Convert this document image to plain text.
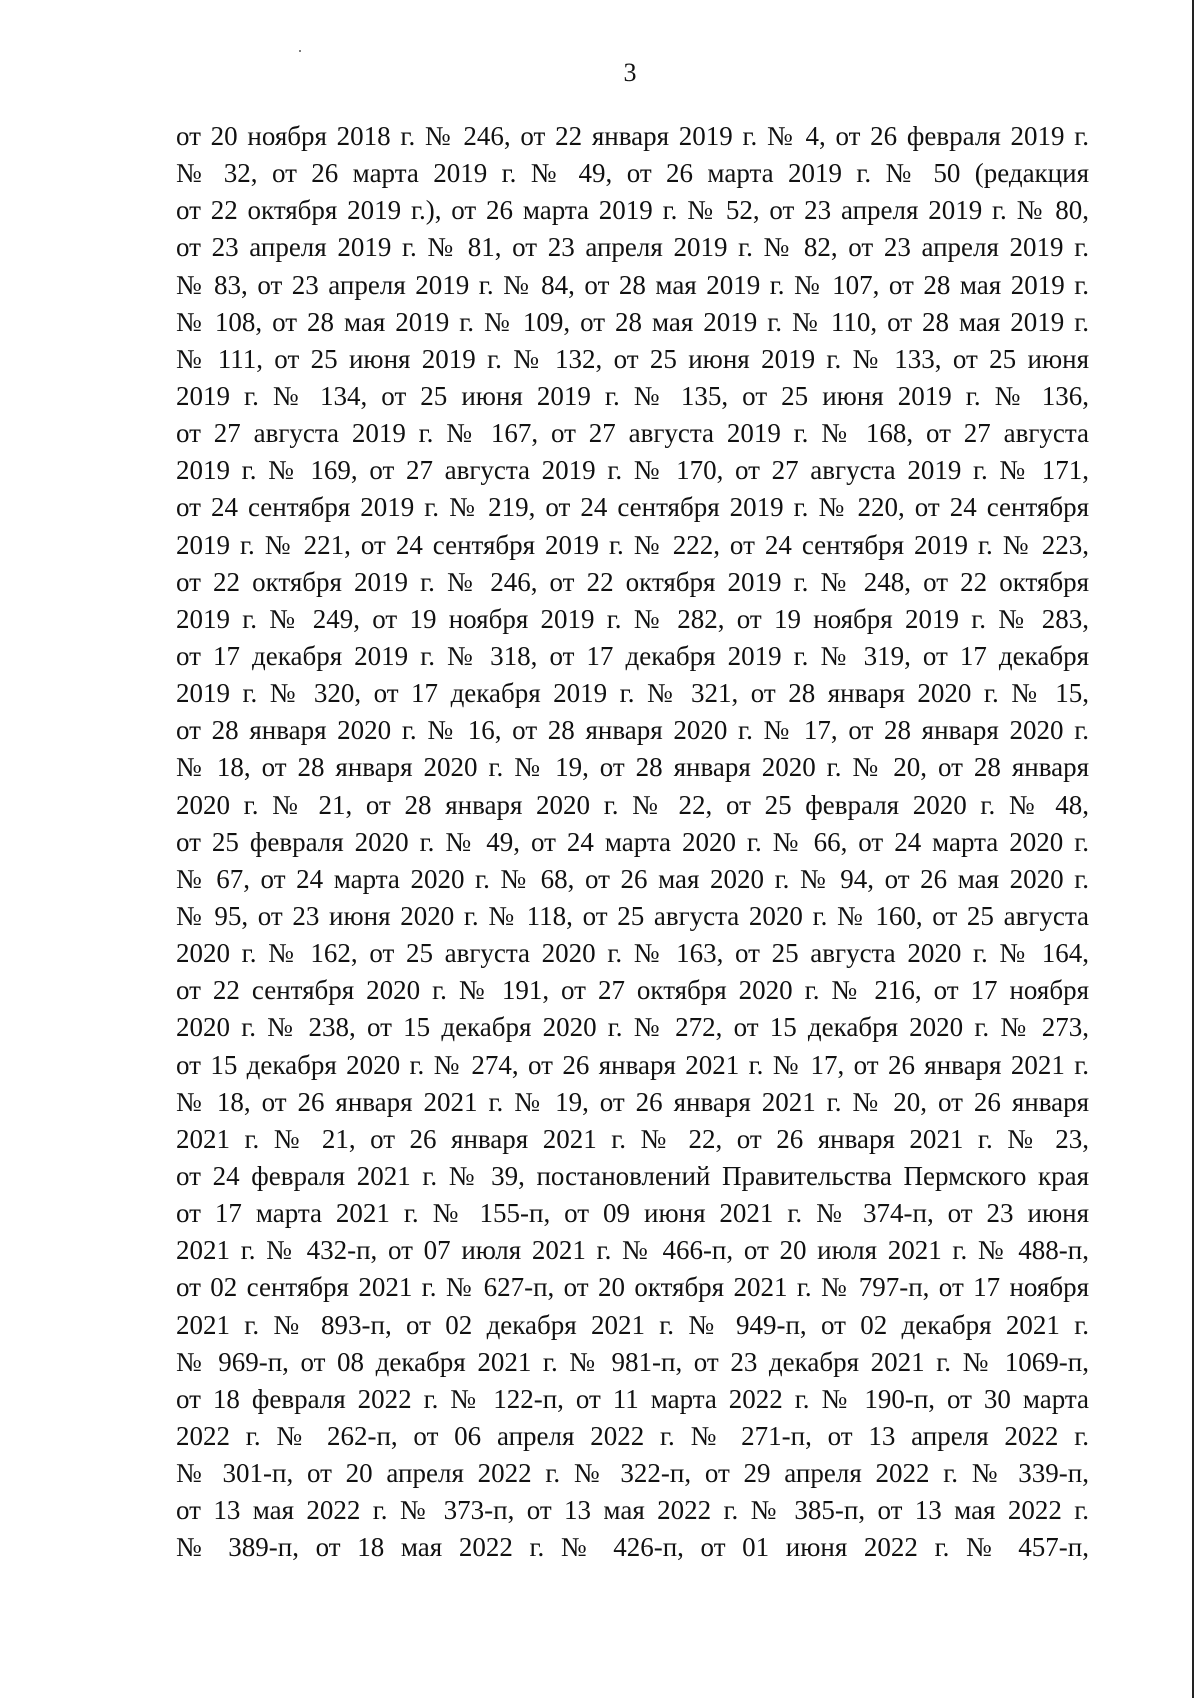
3
от 20 ноября 2018 г. № 246, от 22 января 2019 г. № 4, от 26 февраля 2019 г.
№ 32, от 26 марта 2019 г. № 49, от 26 марта 2019 г. № 50 (редакция
от 22 октября 2019 г.), от 26 марта 2019 г. № 52, от 23 апреля 2019 г. № 80,
от 23 апреля 2019 г. № 81, от 23 апреля 2019 г. № 82, от 23 апреля 2019 г.
№ 83, от 23 апреля 2019 г. № 84, от 28 мая 2019 г. № 107, от 28 мая 2019 г.
№ 108, от 28 мая 2019 г. № 109, от 28 мая 2019 г. № 110, от 28 мая 2019 г.
№ 111, от 25 июня 2019 г. № 132, от 25 июня 2019 г. № 133, от 25 июня
2019 г. № 134, от 25 июня 2019 г. № 135, от 25 июня 2019 г. № 136,
от 27 августа 2019 г. № 167, от 27 августа 2019 г. № 168, от 27 августа
2019 г. № 169, от 27 августа 2019 г. № 170, от 27 августа 2019 г. № 171,
от 24 сентября 2019 г. № 219, от 24 сентября 2019 г. № 220, от 24 сентября
2019 г. № 221, от 24 сентября 2019 г. № 222, от 24 сентября 2019 г. № 223,
от 22 октября 2019 г. № 246, от 22 октября 2019 г. № 248, от 22 октября
2019 г. № 249, от 19 ноября 2019 г. № 282, от 19 ноября 2019 г. № 283,
от 17 декабря 2019 г. № 318, от 17 декабря 2019 г. № 319, от 17 декабря
2019 г. № 320, от 17 декабря 2019 г. № 321, от 28 января 2020 г. № 15,
от 28 января 2020 г. № 16, от 28 января 2020 г. № 17, от 28 января 2020 г.
№ 18, от 28 января 2020 г. № 19, от 28 января 2020 г. № 20, от 28 января
2020 г. № 21, от 28 января 2020 г. № 22, от 25 февраля 2020 г. № 48,
от 25 февраля 2020 г. № 49, от 24 марта 2020 г. № 66, от 24 марта 2020 г.
№ 67, от 24 марта 2020 г. № 68, от 26 мая 2020 г. № 94, от 26 мая 2020 г.
№ 95, от 23 июня 2020 г. № 118, от 25 августа 2020 г. № 160, от 25 августа
2020 г. № 162, от 25 августа 2020 г. № 163, от 25 августа 2020 г. № 164,
от 22 сентября 2020 г. № 191, от 27 октября 2020 г. № 216, от 17 ноября
2020 г. № 238, от 15 декабря 2020 г. № 272, от 15 декабря 2020 г. № 273,
от 15 декабря 2020 г. № 274, от 26 января 2021 г. № 17, от 26 января 2021 г.
№ 18, от 26 января 2021 г. № 19, от 26 января 2021 г. № 20, от 26 января
2021 г. № 21, от 26 января 2021 г. № 22, от 26 января 2021 г. № 23,
от 24 февраля 2021 г. № 39, постановлений Правительства Пермского края
от 17 марта 2021 г. № 155-п, от 09 июня 2021 г. № 374-п, от 23 июня
2021 г. № 432-п, от 07 июля 2021 г. № 466-п, от 20 июля 2021 г. № 488-п,
от 02 сентября 2021 г. № 627-п, от 20 октября 2021 г. № 797-п, от 17 ноября
2021 г. № 893-п, от 02 декабря 2021 г. № 949-п, от 02 декабря 2021 г.
№ 969-п, от 08 декабря 2021 г. № 981-п, от 23 декабря 2021 г. № 1069-п,
от 18 февраля 2022 г. № 122-п, от 11 марта 2022 г. № 190-п, от 30 марта
2022 г. № 262-п, от 06 апреля 2022 г. № 271-п, от 13 апреля 2022 г.
№ 301-п, от 20 апреля 2022 г. № 322-п, от 29 апреля 2022 г. № 339-п,
от 13 мая 2022 г. № 373-п, от 13 мая 2022 г. № 385-п, от 13 мая 2022 г.
№ 389-п, от 18 мая 2022 г. № 426-п, от 01 июня 2022 г. № 457-п,
